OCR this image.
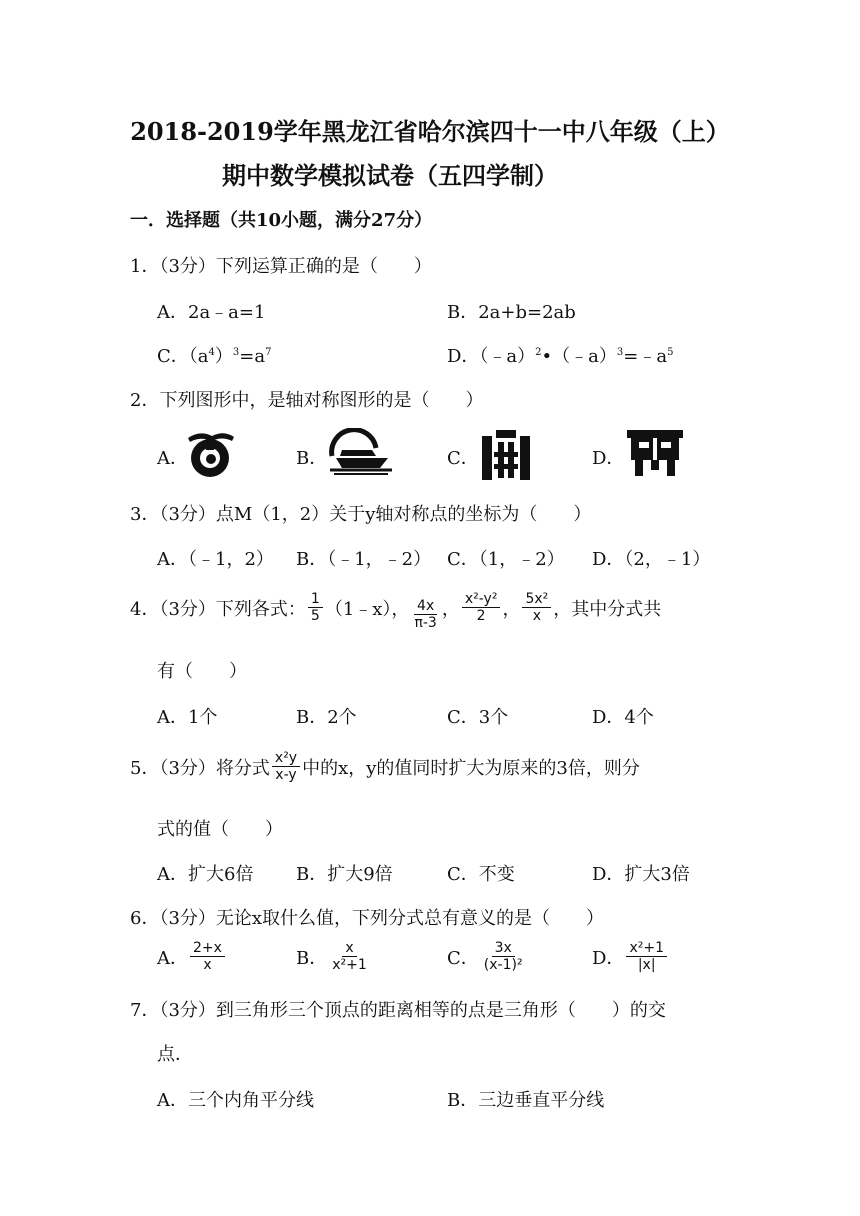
2018-2019学年黑龙江省哈尔滨四十一中八年级（上）
期中数学模拟试卷（五四学制）
一．选择题（共10小题，满分27分）
1．（3分）下列运算正确的是（　　）
A．2a﹣a=1	B．2a+b=2ab
C．$(a^4)^3=a^7$	D．$(﹣a)^2•(﹣a)^3=﹣a^5$
2．下列图形中，是轴对称图形的是（　　）
A．	B．	C．	D．
3．（3分）点M（1，2）关于y轴对称点的坐标为（　　）
A．（﹣1，2） B．（﹣1，﹣2） C．（1，﹣2） D．（2，﹣1）
4．（3分）下列各式： $\frac{1}{5}$ （1﹣x）， $\frac{4x}{\pi-3}$ ， $\frac{\text{x²-y²}}{2}$ ， $\frac{\text{5x²}}{x}$ ，其中分式共
有（　　）
A．1个	B．2个	C．3个	D．4个
5．（3分）将分式 $\frac{\text{x²y}}{x-y}$ 中的x，y的值同时扩大为原来的3倍，则分
式的值（　　）
A．扩大6倍 B．扩大9倍	C．不变	D．扩大3倍
6．（3分）无论x取什么值，下列分式总有意义的是（　　）
A． $\frac{2+x}{x}$	B． $\frac{x}{\text{x²+1}}$	C． $\frac{3x}{\text{(x-1)²}}$	D． $\frac{\text{x²+1}}{|x|}$
7．（3分）到三角形三个顶点的距离相等的点是三角形（　　）的交
点．
A．三个内角平分线	B．三边垂直平分线
